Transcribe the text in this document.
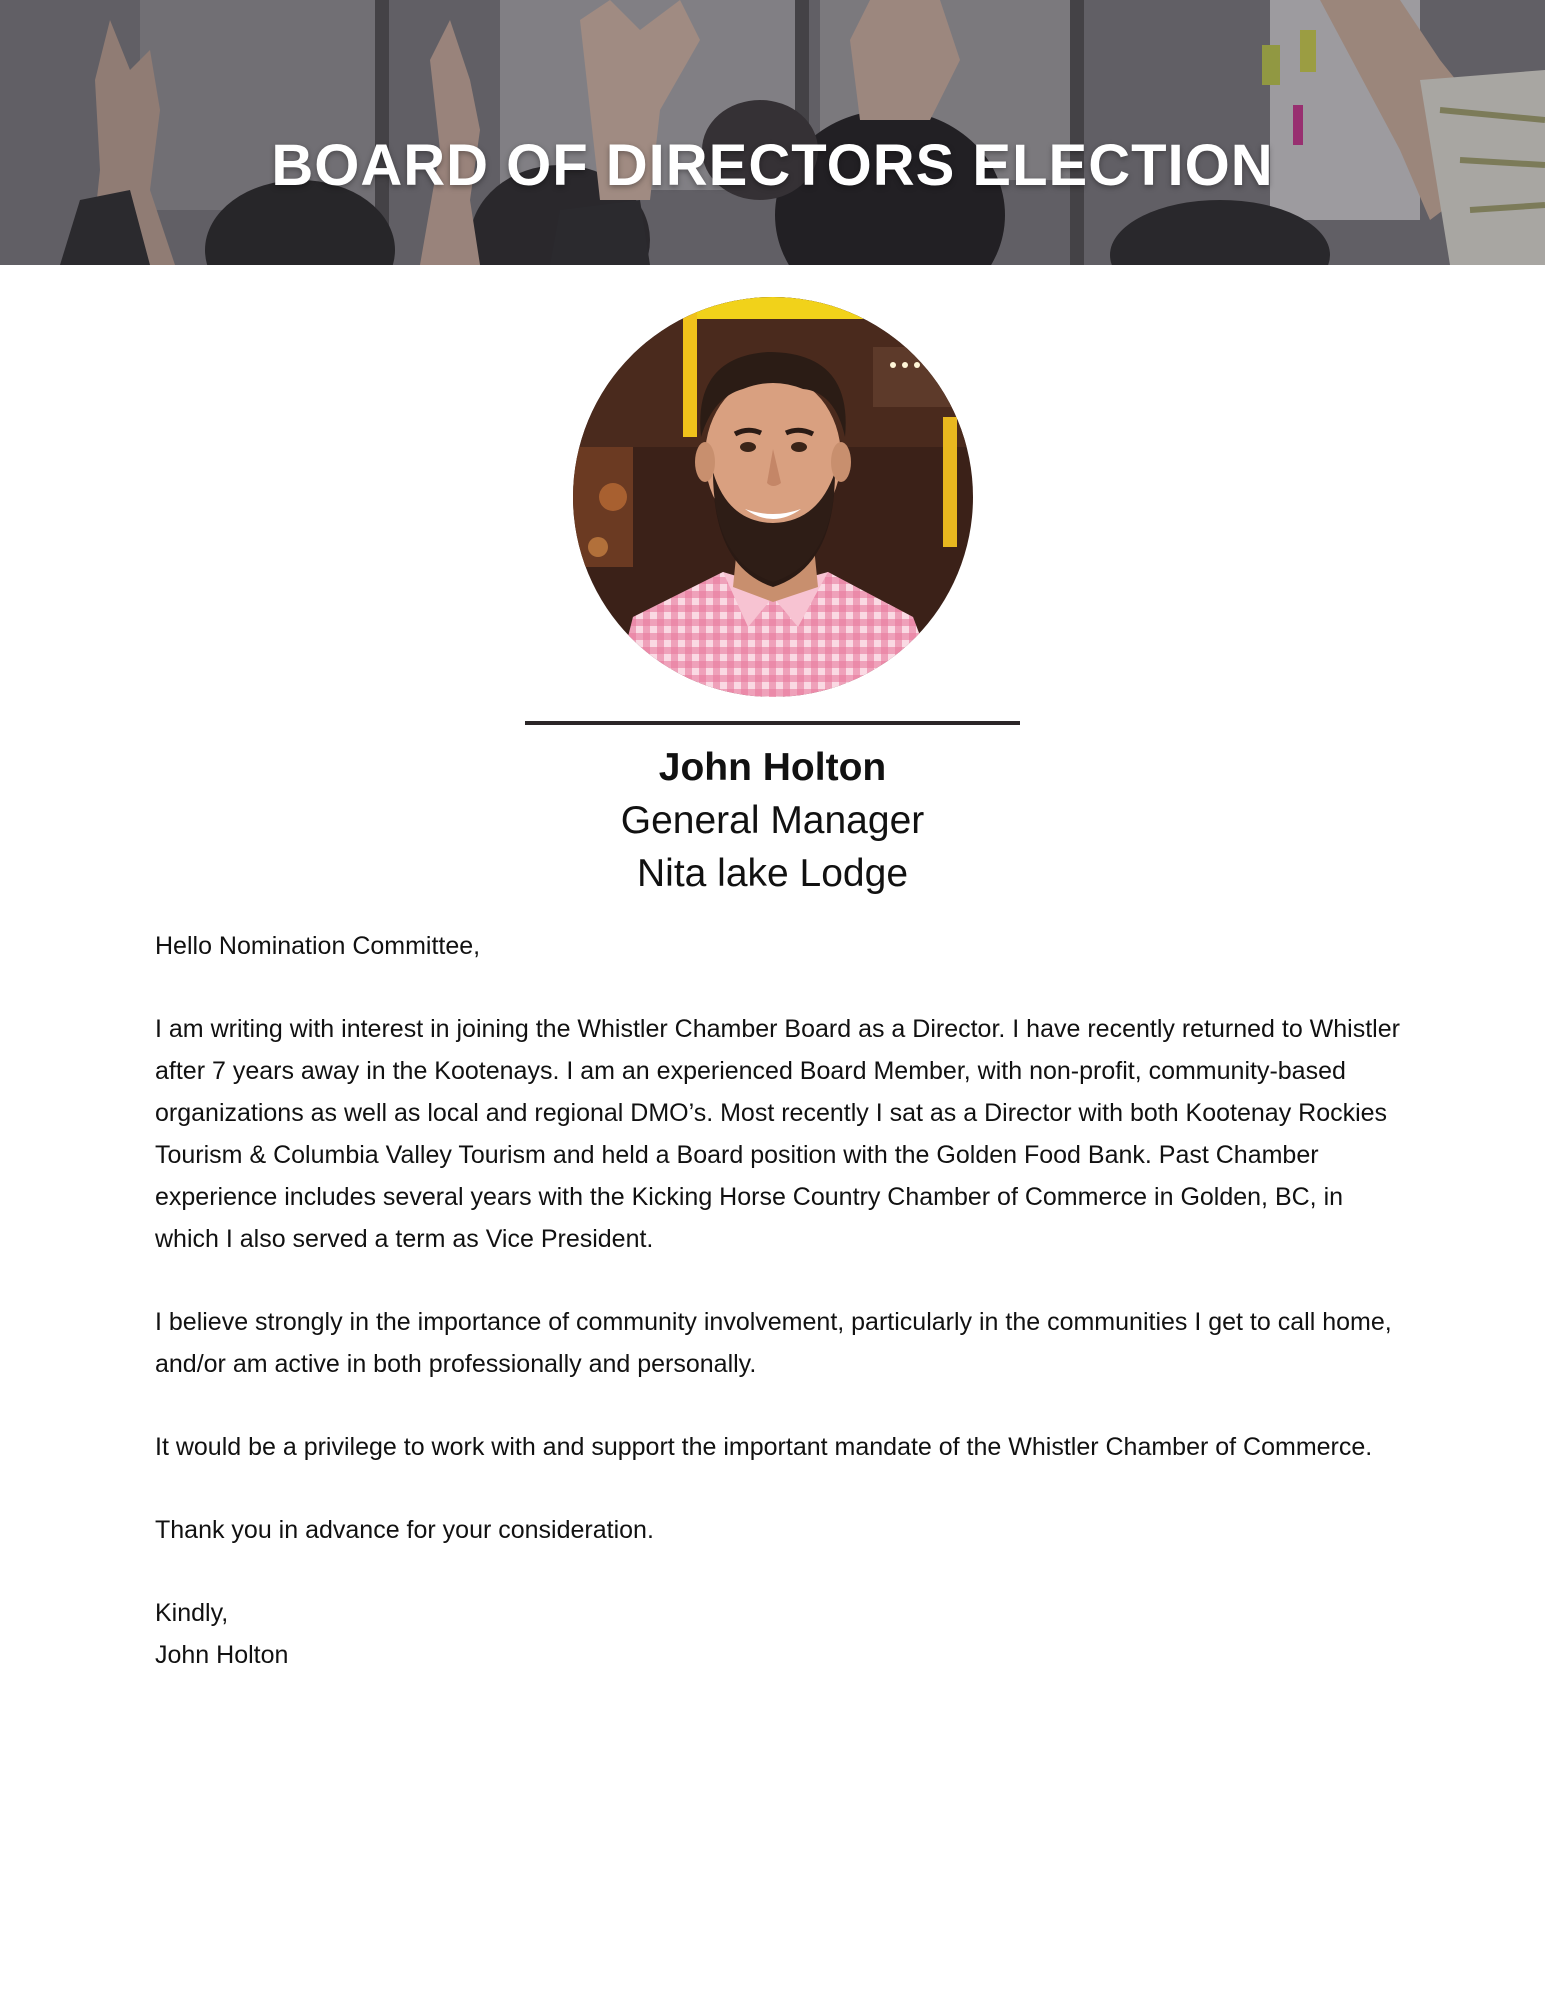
BOARD OF DIRECTORS ELECTION
John Holton
General Manager
Nita lake Lodge

Hello Nomination Committee,

I am writing with interest in joining the Whistler Chamber Board as a Director. I have recently returned to Whistler after 7 years away in the Kootenays. I am an experienced Board Member, with non-profit, community-based organizations as well as local and regional DMO’s. Most recently I sat as a Director with both Kootenay Rockies Tourism & Columbia Valley Tourism and held a Board position with the Golden Food Bank. Past Chamber experience includes several years with the Kicking Horse Country Chamber of Commerce in Golden, BC, in which I also served a term as Vice President.

I believe strongly in the importance of community involvement, particularly in the communities I get to call home, and/or am active in both professionally and personally.

It would be a privilege to work with and support the important mandate of the Whistler Chamber of Commerce.

Thank you in advance for your consideration.

Kindly,

John Holton
